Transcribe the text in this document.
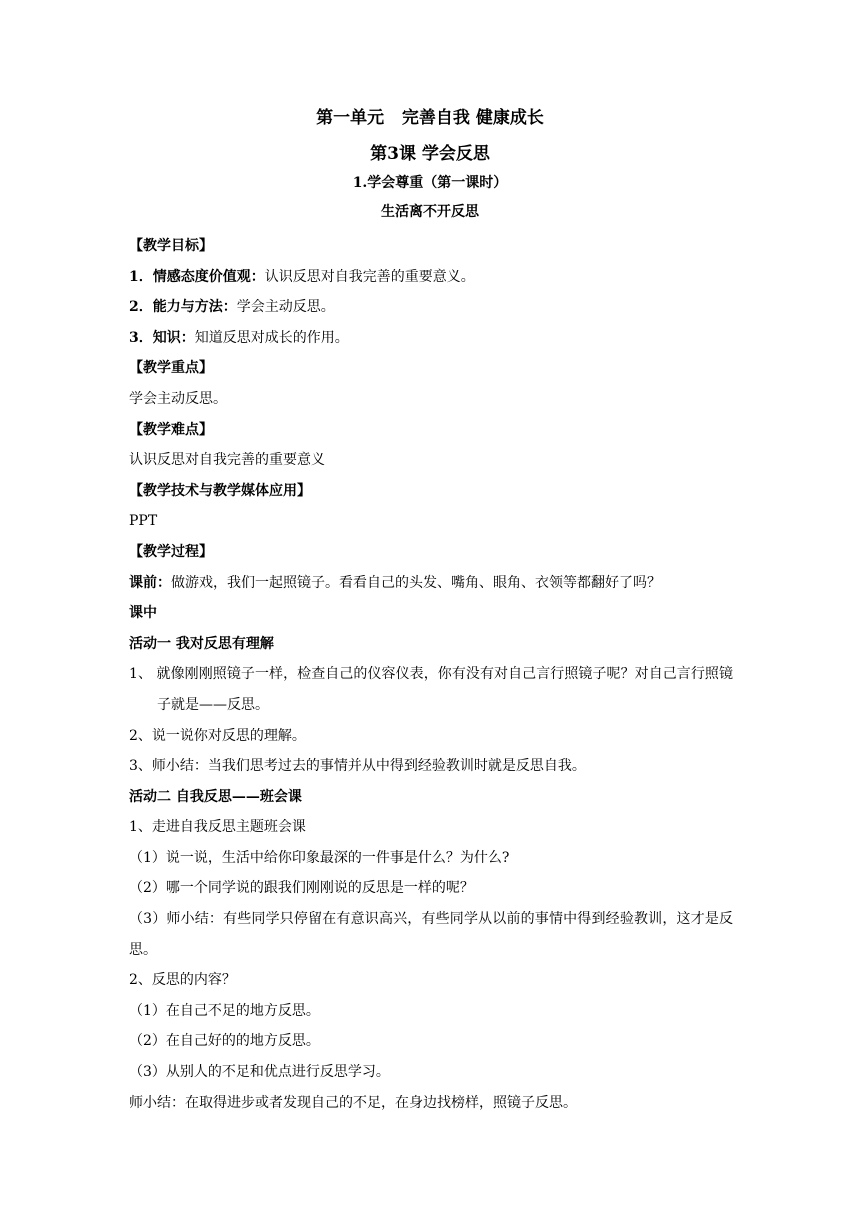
第一单元   完善自我 健康成长
第3课 学会反思
1.学会尊重（第一课时）
生活离不开反思
【教学目标】
1．情感态度价值观：认识反思对自我完善的重要意义。
2．能力与方法：学会主动反思。
3．知识：知道反思对成长的作用。
【教学重点】
学会主动反思。
【教学难点】
认识反思对自我完善的重要意义
【教学技术与教学媒体应用】
PPT
【教学过程】
课前：做游戏，我们一起照镜子。看看自己的头发、嘴角、眼角、衣领等都翻好了吗？
课中
活动一 我对反思有理解
1、 就像刚刚照镜子一样，检查自己的仪容仪表，你有没有对自己言行照镜子呢？对自己言行照镜子就是——反思。
2、说一说你对反思的理解。
3、师小结：当我们思考过去的事情并从中得到经验教训时就是反思自我。
活动二 自我反思——班会课
1、走进自我反思主题班会课
（1）说一说，生活中给你印象最深的一件事是什么？为什么?
（2）哪一个同学说的跟我们刚刚说的反思是一样的呢？
（3）师小结：有些同学只停留在有意识高兴，有些同学从以前的事情中得到经验教训，这才是反思。
2、反思的内容？
（1）在自己不足的地方反思。
（2）在自己好的的地方反思。
（3）从别人的不足和优点进行反思学习。
师小结：在取得进步或者发现自己的不足，在身边找榜样，照镜子反思。
